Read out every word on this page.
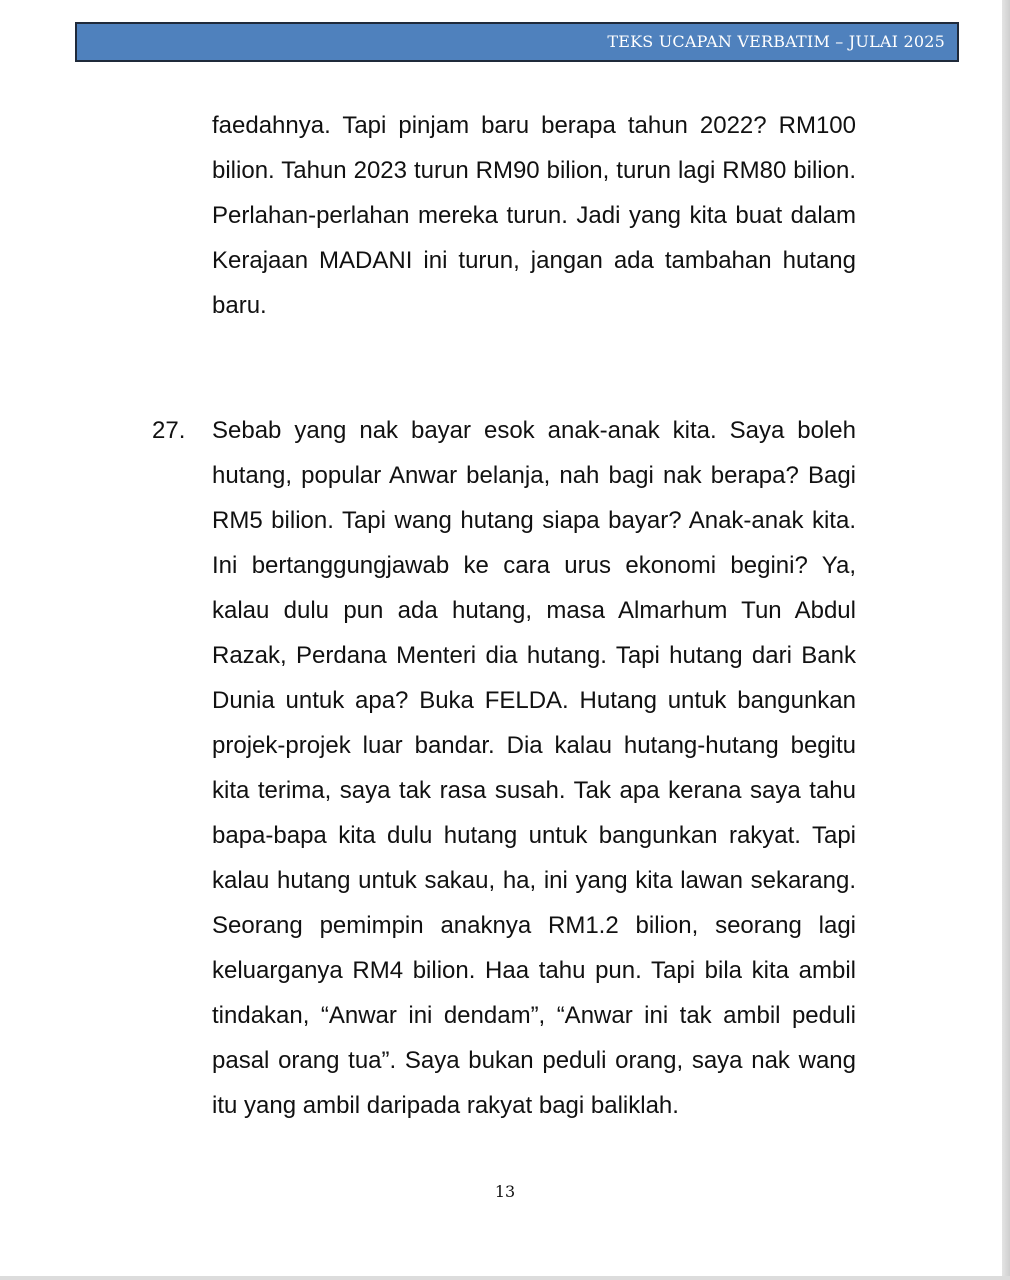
TEKS UCAPAN VERBATIM – JULAI 2025

faedahnya. Tapi pinjam baru berapa tahun 2022? RM100 bilion. Tahun 2023 turun RM90 bilion, turun lagi RM80 bilion. Perlahan-perlahan mereka turun. Jadi yang kita buat dalam Kerajaan MADANI ini turun, jangan ada tambahan hutang baru.

27. Sebab yang nak bayar esok anak-anak kita. Saya boleh hutang, popular Anwar belanja, nah bagi nak berapa? Bagi RM5 bilion. Tapi wang hutang siapa bayar? Anak-anak kita. Ini bertanggungjawab ke cara urus ekonomi begini? Ya, kalau dulu pun ada hutang, masa Almarhum Tun Abdul Razak, Perdana Menteri dia hutang. Tapi hutang dari Bank Dunia untuk apa? Buka FELDA. Hutang untuk bangunkan projek-projek luar bandar. Dia kalau hutang-hutang begitu kita terima, saya tak rasa susah. Tak apa kerana saya tahu bapa-bapa kita dulu hutang untuk bangunkan rakyat. Tapi kalau hutang untuk sakau, ha, ini yang kita lawan sekarang. Seorang pemimpin anaknya RM1.2 bilion, seorang lagi keluarganya RM4 bilion. Haa tahu pun. Tapi bila kita ambil tindakan, “Anwar ini dendam”, “Anwar ini tak ambil peduli pasal orang tua”. Saya bukan peduli orang, saya nak wang itu yang ambil daripada rakyat bagi baliklah.

13
